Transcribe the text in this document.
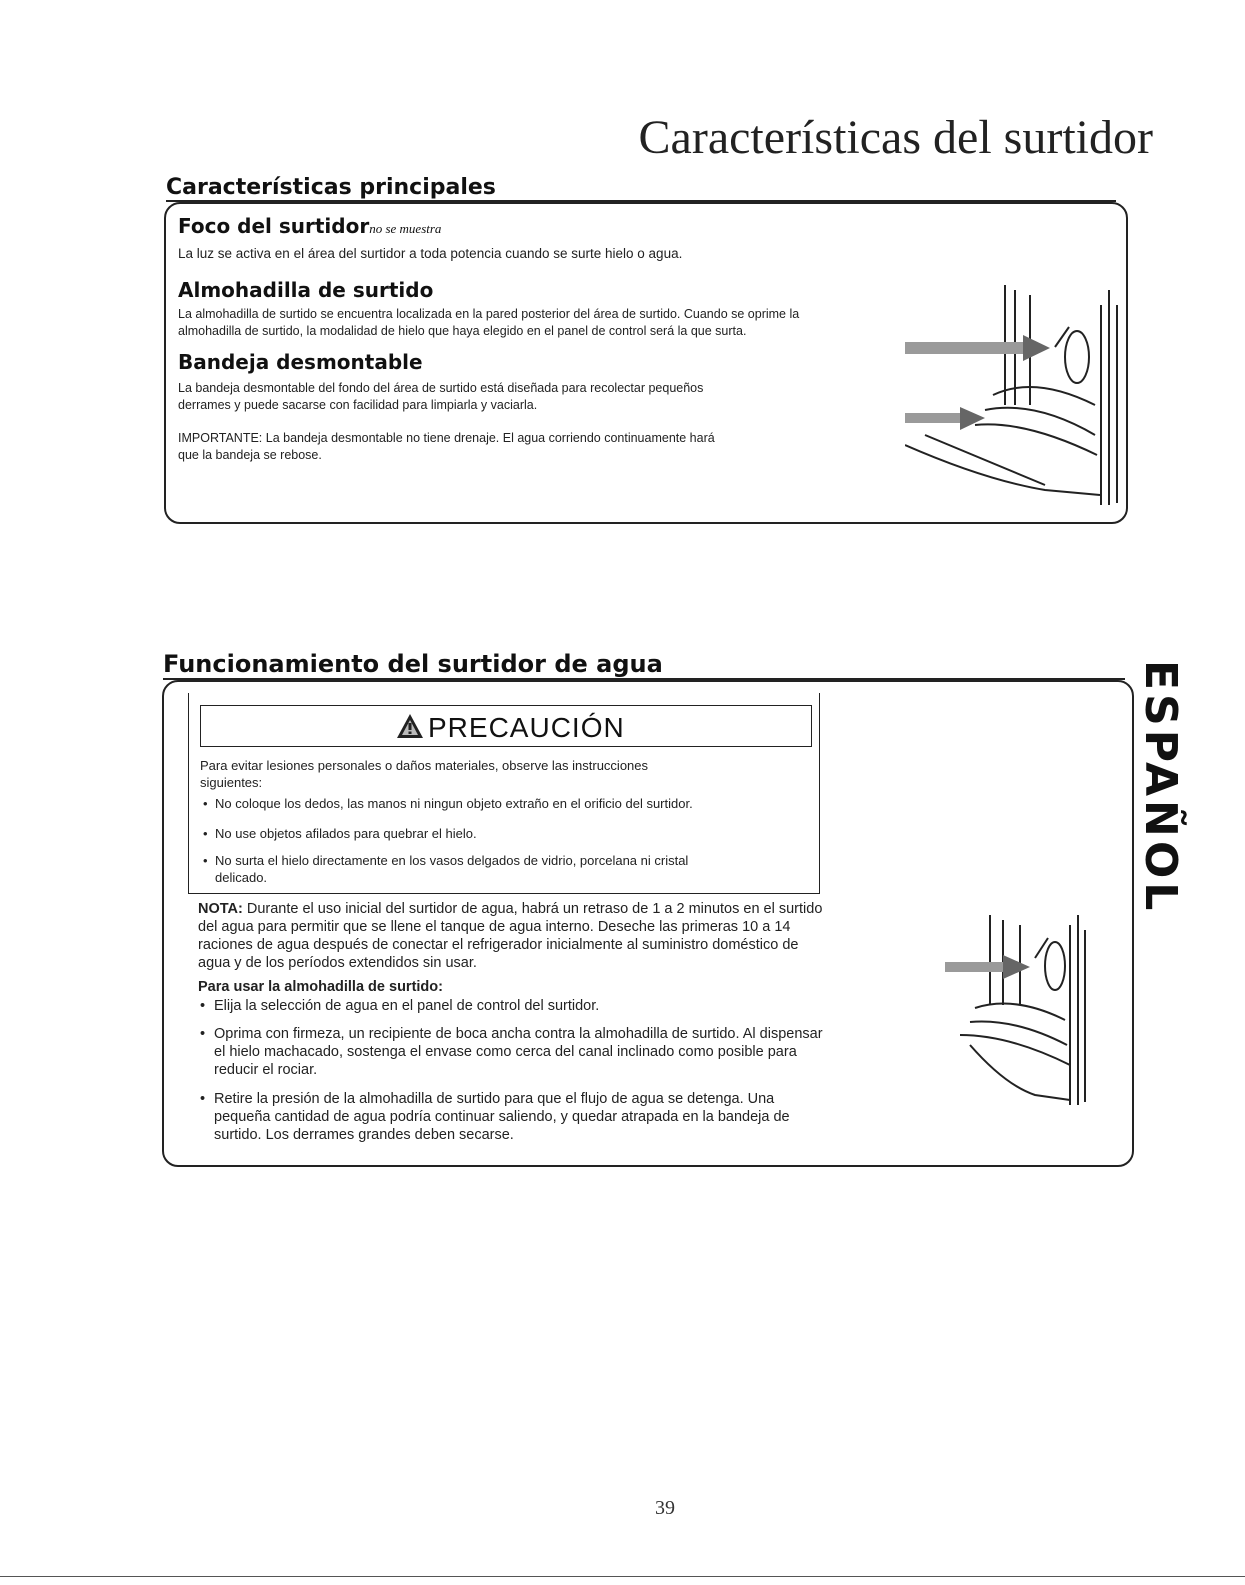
Características del surtidor
Características principales
Foco del surtidorno se muestra
La luz se activa en el área del surtidor a toda potencia cuando se surte hielo o agua.
Almohadilla de surtido
La almohadilla de surtido se encuentra localizada en la pared posterior del área de surtido. Cuando se oprime la
almohadilla de surtido, la modalidad de hielo que haya elegido en el panel de control será la que surta.
Bandeja desmontable
La bandeja desmontable del fondo del área de surtido está diseñada para recolectar pequeños
derrames y puede sacarse con facilidad para limpiarla y vaciarla.
IMPORTANTE: La bandeja desmontable no tiene drenaje. El agua corriendo continuamente hará
que la bandeja se rebose.
Funcionamiento del surtidor de agua
PRECAUCIÓN
Para evitar lesiones personales o daños materiales, observe las instrucciones
siguientes:
• No coloque los dedos, las manos ni ningun objeto extraño en el orificio del surtidor.
• No use objetos afilados para quebrar el hielo.
• No surta el hielo directamente en los vasos delgados de vidrio, porcelana ni cristal
delicado.
NOTA: Durante el uso inicial del surtidor de agua, habrá un retraso de 1 a 2 minutos en el surtido
del agua para permitir que se llene el tanque de agua interno. Deseche las primeras 10 a 14
raciones de agua después de conectar el refrigerador inicialmente al suministro doméstico de
agua y de los períodos extendidos sin usar.
Para usar la almohadilla de surtido:
• Elija la selección de agua en el panel de control del surtidor.
• Oprima con firmeza, un recipiente de boca ancha contra la almohadilla de surtido. Al dispensar
el hielo machacado, sostenga el envase como cerca del canal inclinado como posible para
reducir el rociar.
• Retire la presión de la almohadilla de surtido para que el flujo de agua se detenga. Una
pequeña cantidad de agua podría continuar saliendo, y quedar atrapada en la bandeja de
surtido. Los derrames grandes deben secarse.
ESPAÑOL
39
